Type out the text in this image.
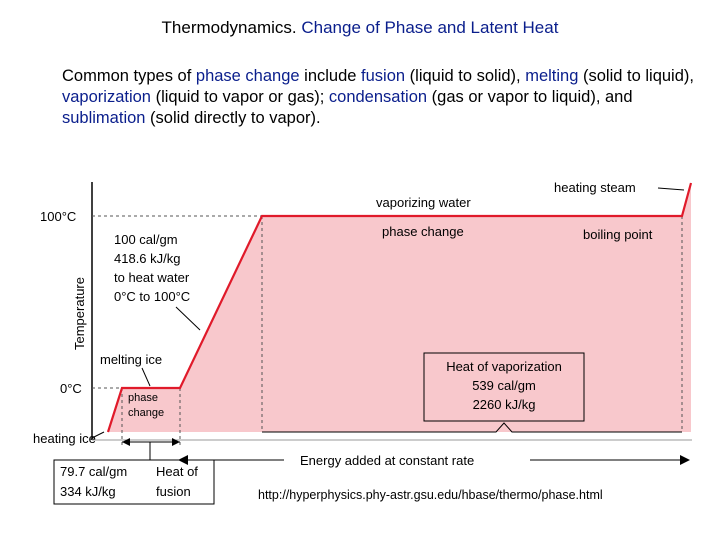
Thermodynamics. Change of Phase and Latent Heat
Common types of phase change include fusion (liquid to solid), melting (solid to liquid), vaporization (liquid to vapor or gas); condensation (gas or vapor to liquid), and sublimation (solid directly to vapor).
100°C
0°C
Temperature
heating steam
vaporizing water
phase change	boiling point
100 cal/gm
418.6 kJ/kg
to heat water
0°C to 100°C
melting ice
phase
change
heating ice
Heat of vaporization
539 cal/gm
2260 kJ/kg
79.7 cal/gm
334 kJ/kg
Heat of
fusion
Energy added at constant rate
http://hyperphysics.phy-astr.gsu.edu/hbase/thermo/phase.html
